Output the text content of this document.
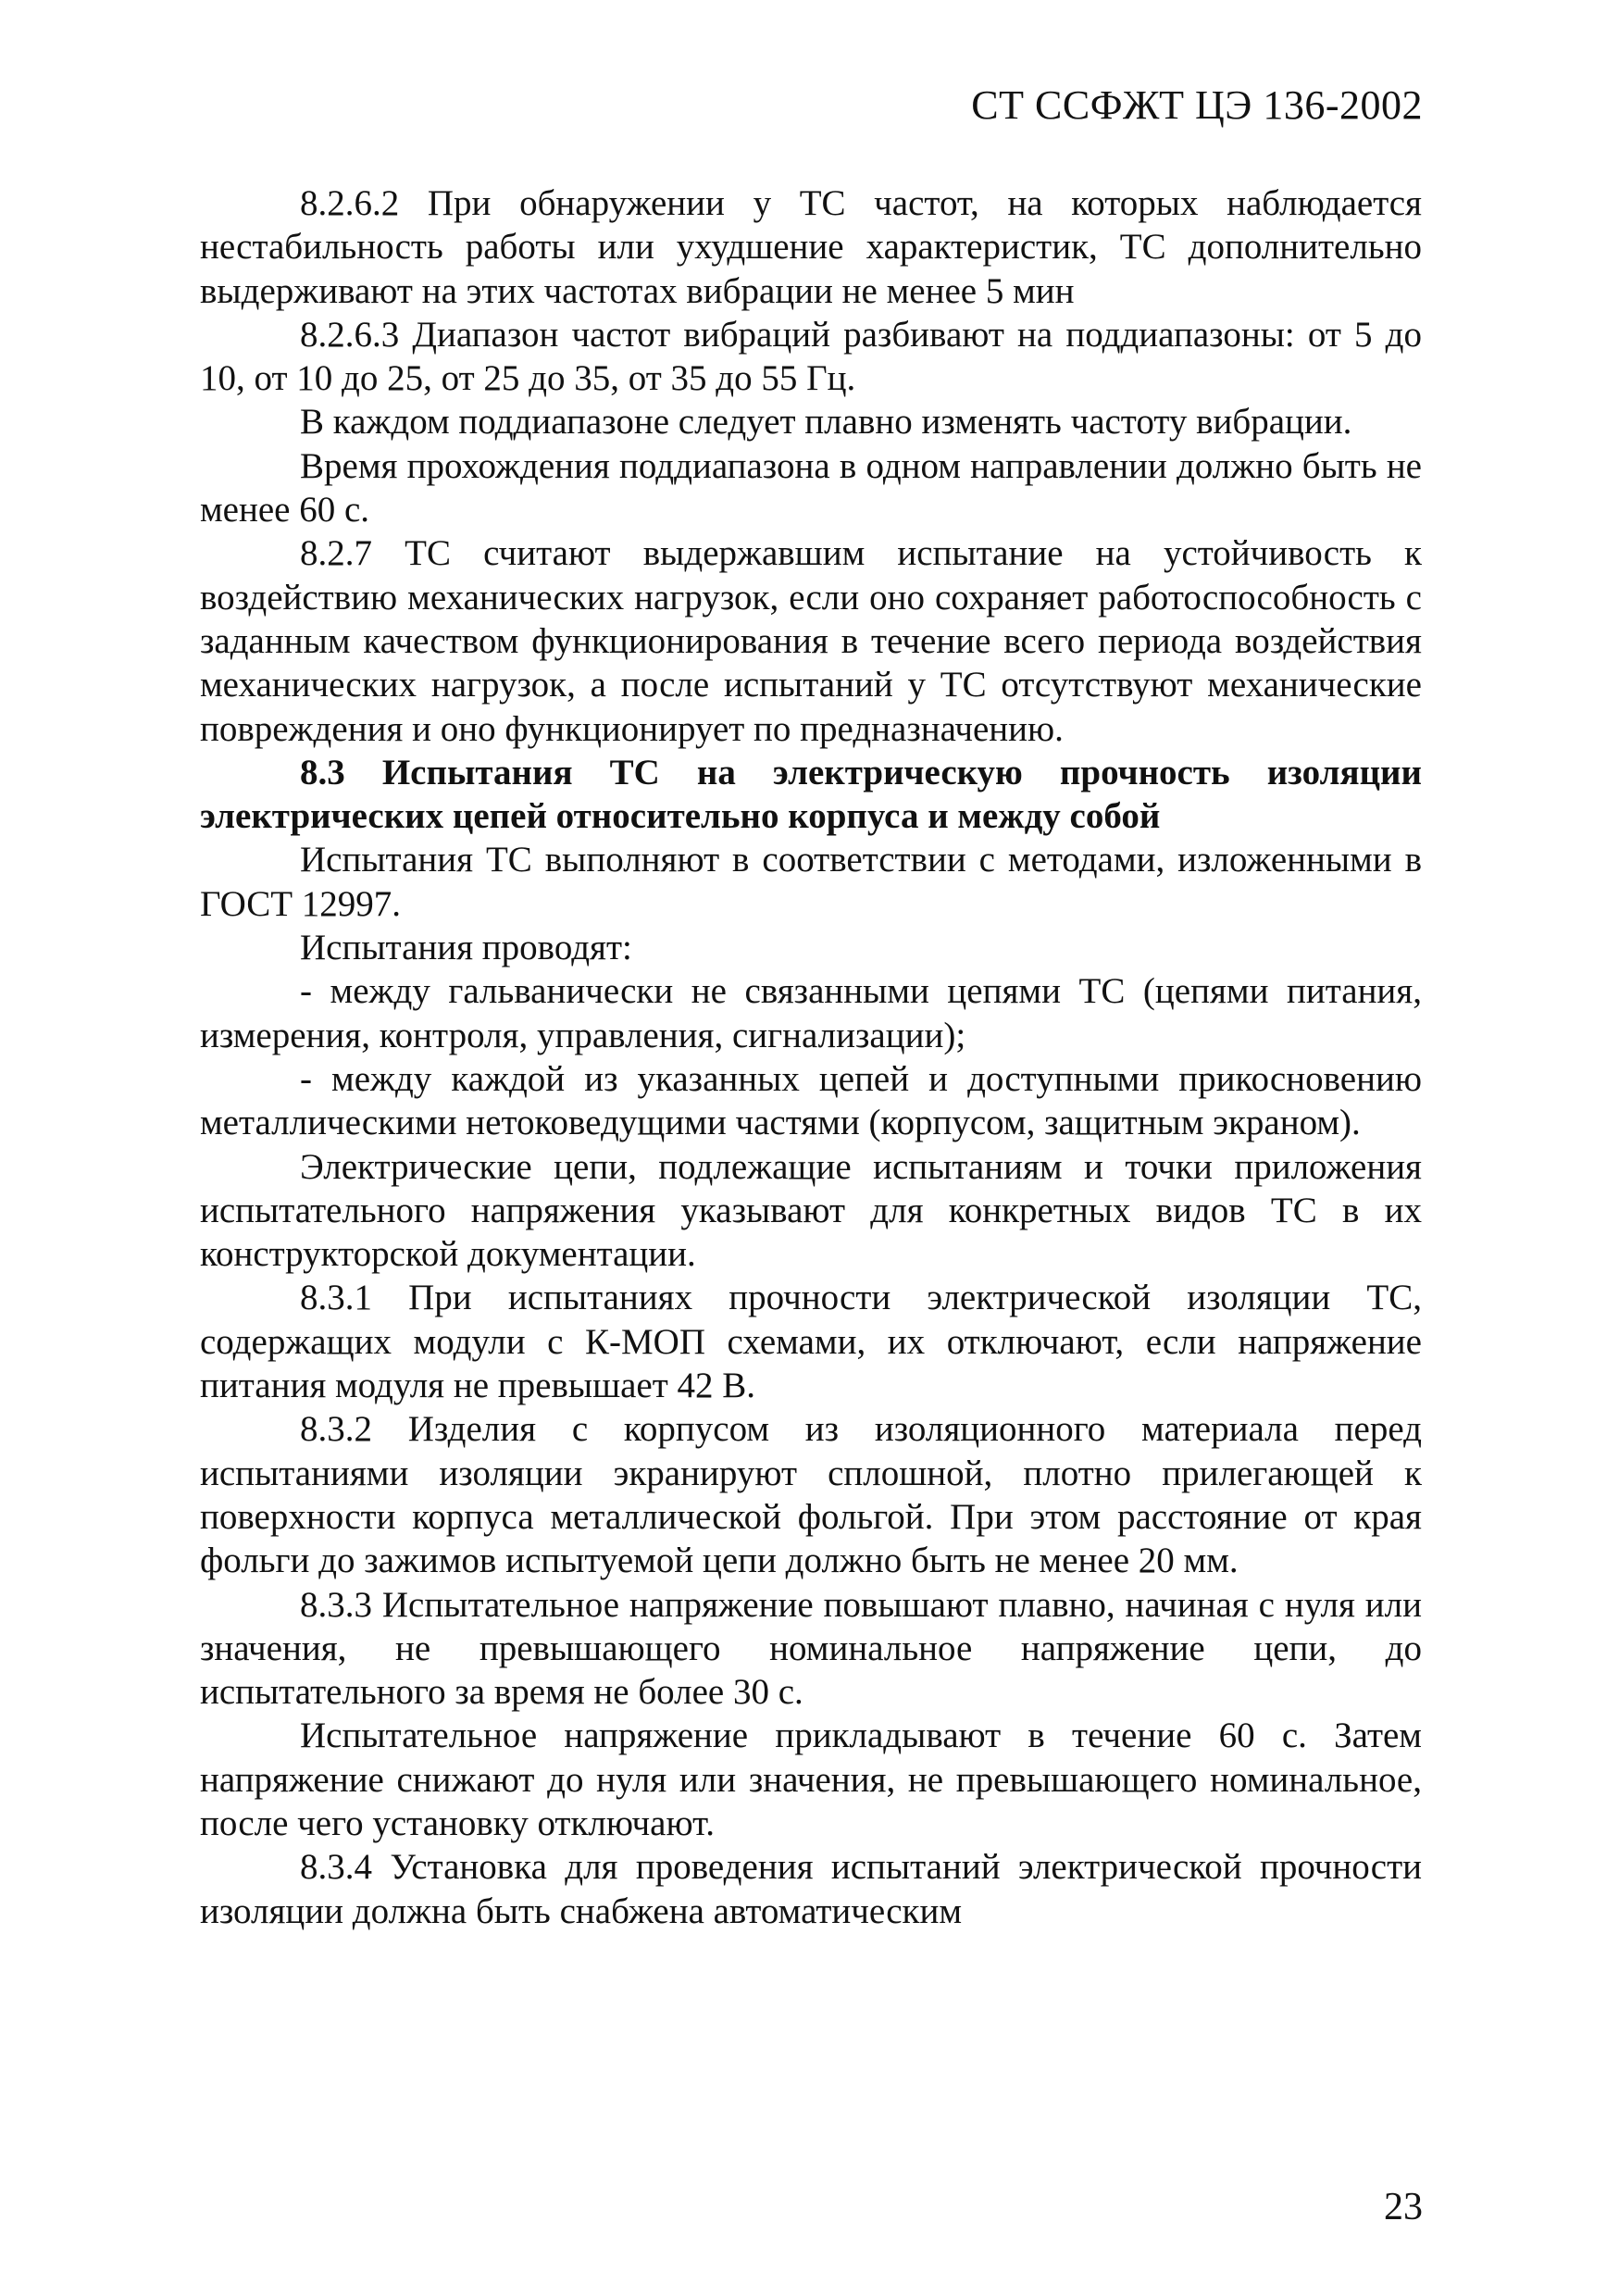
СТ ССФЖТ ЦЭ 136-2002

8.2.6.2 При обнаружении у ТС частот, на которых наблюдается нестабильность работы или ухудшение характеристик, ТС дополнительно выдерживают на этих частотах вибрации не менее 5 мин

8.2.6.3 Диапазон частот вибраций разбивают на поддиапазоны: от 5 до 10, от 10 до 25, от 25 до 35, от 35 до 55 Гц.

В каждом поддиапазоне следует плавно изменять частоту вибрации.

Время прохождения поддиапазона в одном направлении должно быть не менее 60 с.

8.2.7 ТС считают выдержавшим испытание на устойчивость к воздействию механических нагрузок, если оно сохраняет работоспособность с заданным качеством функционирования в течение всего периода воздействия механических нагрузок, а после испытаний у ТС отсутствуют механические повреждения и оно функционирует по предназначению.

8.3 Испытания ТС на электрическую прочность изоляции электрических цепей относительно корпуса и между собой

Испытания ТС выполняют в соответствии с методами, изложенными в ГОСТ 12997.

Испытания проводят:

- между гальванически не связанными цепями ТС (цепями питания, измерения, контроля, управления, сигнализации);

- между каждой из указанных цепей и доступными прикосновению металлическими нетоковедущими частями (корпусом, защитным экраном).

Электрические цепи, подлежащие испытаниям и точки приложения испытательного напряжения указывают для конкретных видов ТС в их конструкторской документации.

8.3.1 При испытаниях прочности электрической изоляции ТС, содержащих модули с К-МОП схемами, их отключают, если напряжение питания модуля не превышает 42 В.

8.3.2 Изделия с корпусом из изоляционного материала перед испытаниями изоляции экранируют сплошной, плотно прилегающей к поверхности корпуса металлической фольгой. При этом расстояние от края фольги до зажимов испытуемой цепи должно быть не менее 20 мм.

8.3.3 Испытательное напряжение повышают плавно, начиная с нуля или значения, не превышающего номинальное напряжение цепи, до испытательного за время не более 30 с.

Испытательное напряжение прикладывают в течение 60 с. Затем напряжение снижают до нуля или значения, не превышающего номинальное, после чего установку отключают.

8.3.4 Установка для проведения испытаний электрической прочности изоляции должна быть снабжена автоматическим

23
